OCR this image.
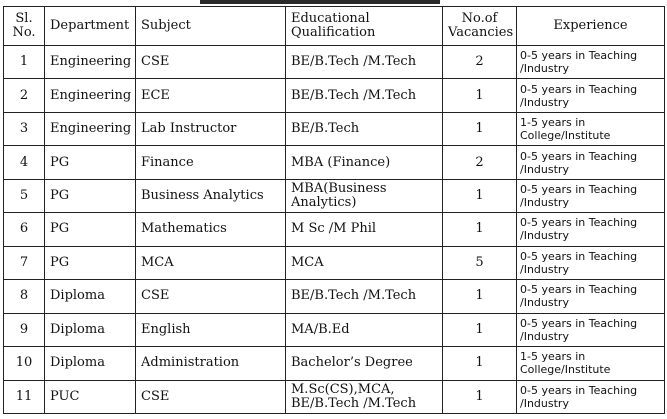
Sl. No.	Department	Subject	Educational Qualification	No.of Vacancies	Experience
1	Engineering	CSE	BE/B.Tech /M.Tech	2	0-5 years in Teaching /Industry
2	Engineering	ECE	BE/B.Tech /M.Tech	1	0-5 years in Teaching /Industry
3	Engineering	Lab Instructor	BE/B.Tech	1	1-5 years in College/Institute
4	PG	Finance	MBA (Finance)	2	0-5 years in Teaching /Industry
5	PG	Business Analytics	MBA(Business Analytics)	1	0-5 years in Teaching /Industry
6	PG	Mathematics	M Sc /M Phil	1	0-5 years in Teaching /Industry
7	PG	MCA	MCA	5	0-5 years in Teaching /Industry
8	Diploma	CSE	BE/B.Tech /M.Tech	1	0-5 years in Teaching /Industry
9	Diploma	English	MA/B.Ed	1	0-5 years in Teaching /Industry
10	Diploma	Administration	Bachelor’s Degree	1	1-5 years in College/Institute
11	PUC	CSE	M.Sc(CS),MCA, BE/B.Tech /M.Tech	1	0-5 years in Teaching /Industry
